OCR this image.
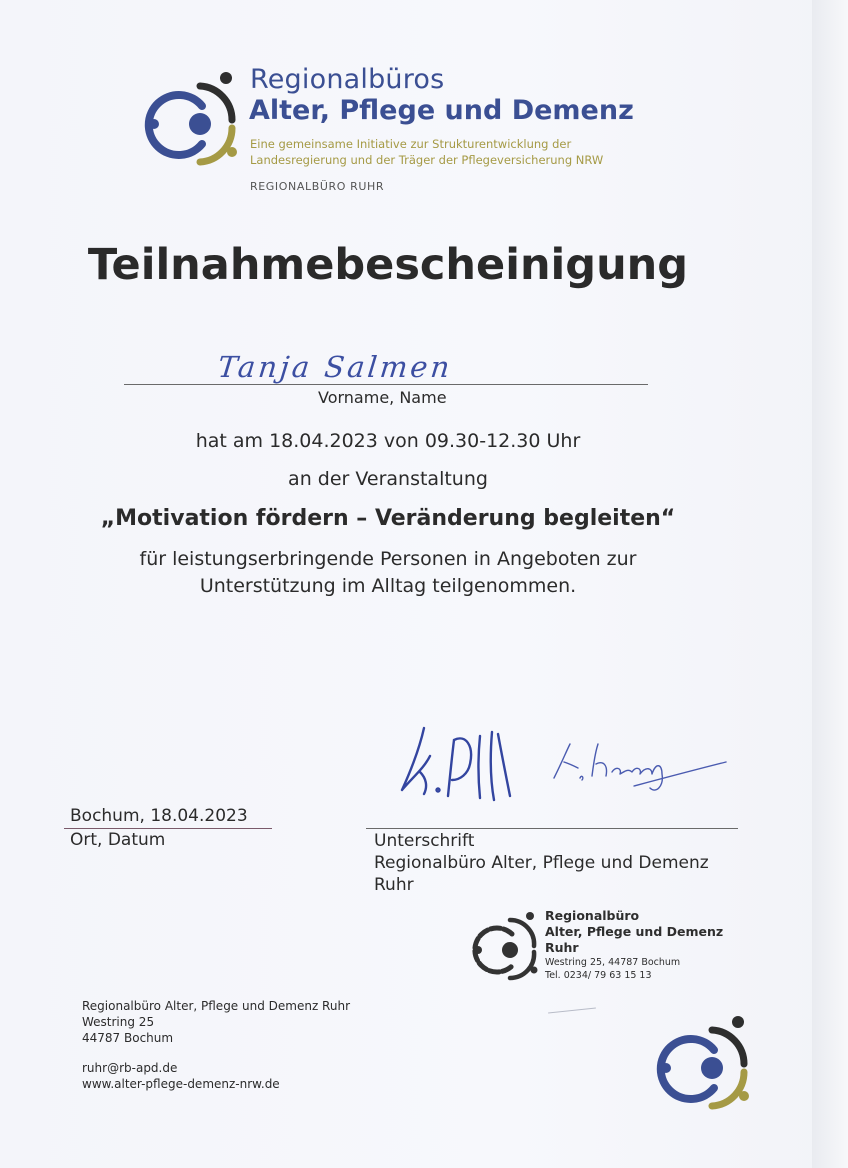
Regionalbüros
Alter, Pflege und Demenz
Eine gemeinsame Initiative zur Strukturentwicklung der
Landesregierung und der Träger der Pflegeversicherung NRW
REGIONALBÜRO RUHR
Teilnahmebescheinigung
Tanja Salmen
Vorname, Name
hat am 18.04.2023 von 09.30-12.30 Uhr
an der Veranstaltung
„Motivation fördern – Veränderung begleiten“
für leistungserbringende Personen in Angeboten zur
Unterstützung im Alltag teilgenommen.
Bochum, 18.04.2023
Ort, Datum	Unterschrift
Regionalbüro Alter, Pflege und Demenz
Ruhr
Regionalbüro
Alter, Pflege und Demenz
Ruhr
Westring 25, 44787 Bochum
Tel. 0234/ 79 63 15 13
Regionalbüro Alter, Pflege und Demenz Ruhr
Westring 25
44787 Bochum
ruhr@rb-apd.de
www.alter-pflege-demenz-nrw.de
